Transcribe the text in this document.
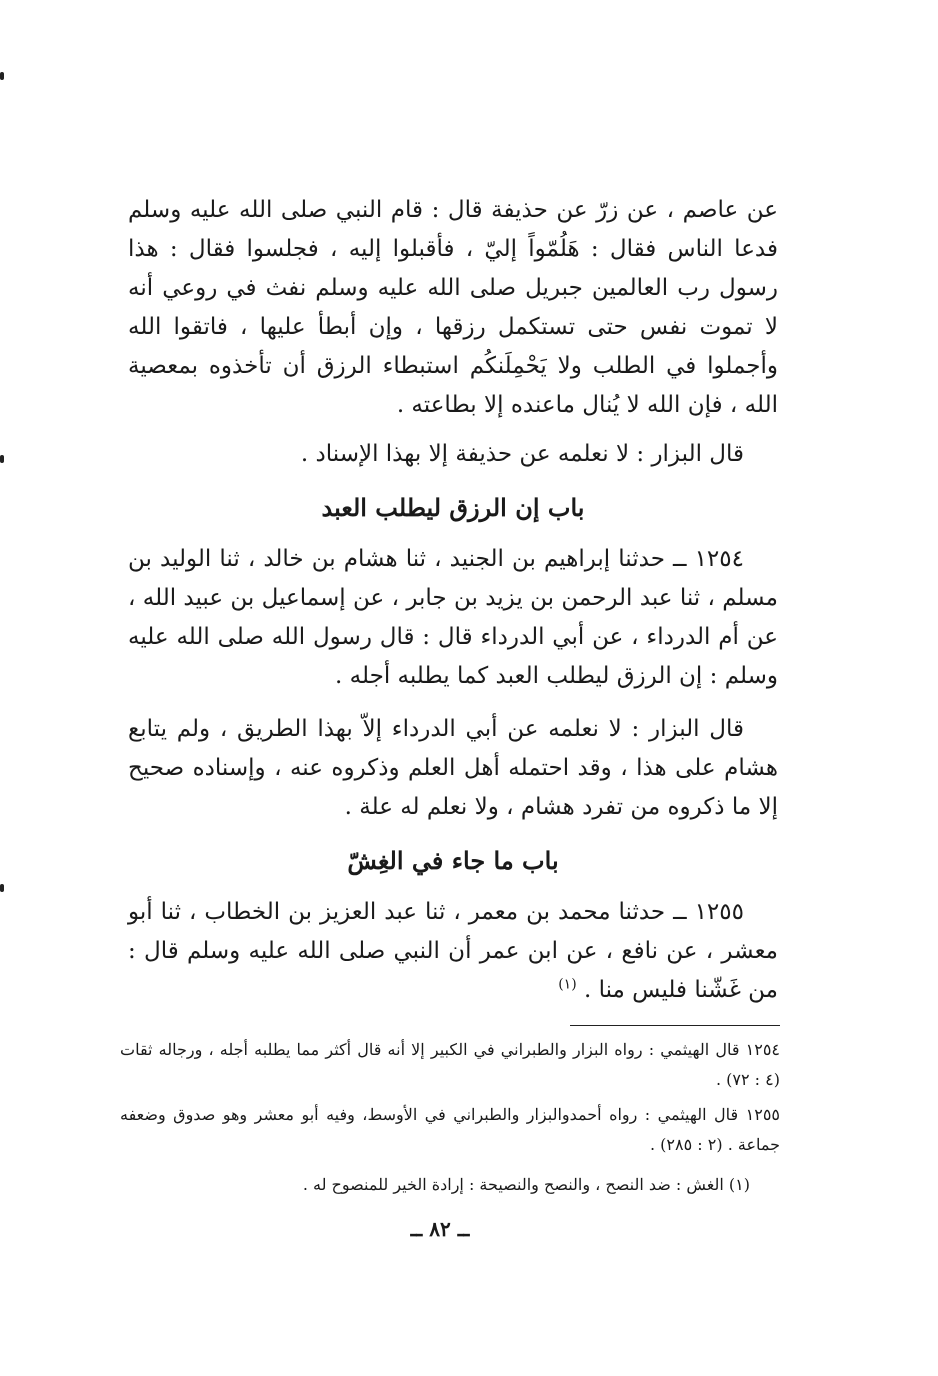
عن عاصم ، عن زرّ عن حذيفة قال : قام النبي صلى الله عليه وسلم فدعا الناس فقال : هَلُمّواً إليّ ، فأقبلوا إليه ، فجلسوا فقال : هذا رسول رب العالمين جبريل صلى الله عليه وسلم نفث في روعي أنه لا تموت نفس حتى تستكمل رزقها ، وإن أبطأ عليها ، فاتقوا الله وأجملوا في الطلب ولا يَحْمِلَنكُم استبطاء الرزق أن تأخذوه بمعصية الله ، فإن الله لا يُنال ماعنده إلا بطاعته .
قال البزار : لا نعلمه عن حذيفة إلا بهذا الإسناد .
باب إن الرزق ليطلب العبد
١٢٥٤ ــ حدثنا إبراهيم بن الجنيد ، ثنا هشام بن خالد ، ثنا الوليد بن مسلم ، ثنا عبد الرحمن بن يزيد بن جابر ، عن إسماعيل بن عبيد الله ، عن أم الدرداء ، عن أبي الدرداء قال : قال رسول الله صلى الله عليه وسلم : إن الرزق ليطلب العبد كما يطلبه أجله .
قال البزار : لا نعلمه عن أبي الدرداء إلاّ بهذا الطريق ، ولم يتابع هشام على هذا ، وقد احتمله أهل العلم وذكروه عنه ، وإسناده صحيح إلا ما ذكروه من تفرد هشام ، ولا نعلم له علة .
باب ما جاء في الغِشّ
١٢٥٥ ــ حدثنا محمد بن معمر ، ثنا عبد العزيز بن الخطاب ، ثنا أبو معشر ، عن نافع ، عن ابن عمر أن النبي صلى الله عليه وسلم قال : من غَشّنا فليس منا . $^{(١)}$
١٢٥٤ قال الهيثمي : رواه البزار والطبراني في الكبير إلا أنه قال أكثر مما يطلبه أجله ، ورجاله ثقات (٤ : ٧٢) .
١٢٥٥ قال الهيثمي : رواه أحمدوالبزار والطبراني في الأوسط، وفيه أبو معشر وهو صدوق وضعفه جماعة . (٢ : ٢٨٥) .
(١) الغش : ضد النصح ، والنصح والنصيحة : إرادة الخير للمنصوح له .
ــ ٨٢ ــ
